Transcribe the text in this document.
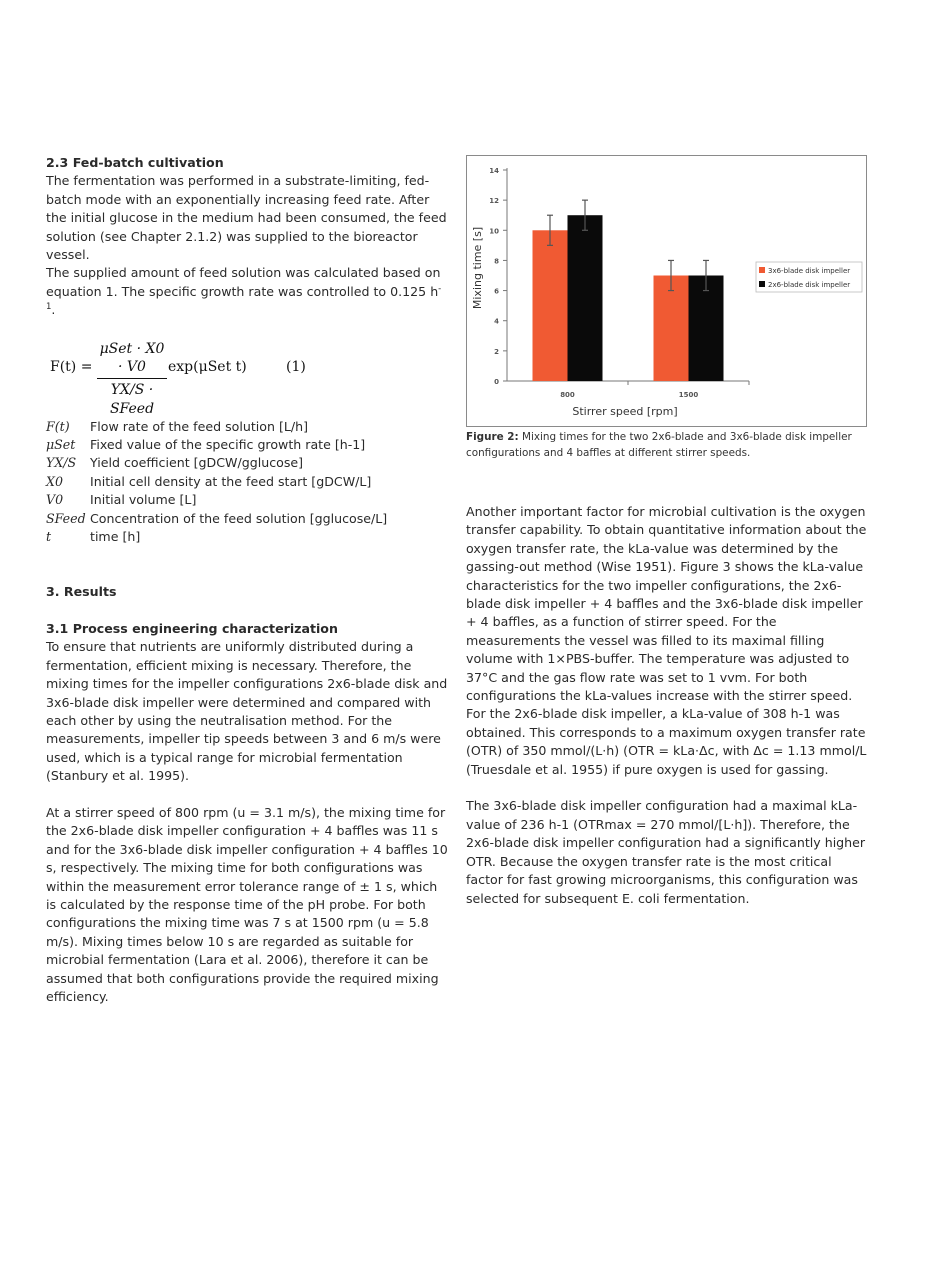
2.3 Fed-batch cultivation

The fermentation was performed in a substrate-limiting, fed-batch mode with an exponentially increasing feed rate. After the initial glucose in the medium had been consumed, the feed solution (see Chapter 2.1.2) was supplied to the bioreactor vessel.

The supplied amount of feed solution was calculated based on equation 1. The specific growth rate was controlled to 0.125 $h^{-1}$.

F(t) =
μSet · X0 · V0
YX/S · SFeed
exp(μSet t)	(1)
F(t)	Flow rate of the feed solution [L/h]
μSet	Fixed value of the specific growth rate [h-1]
YX/S	Yield coefficient [gDCW/gglucose]
X0	Initial cell density at the feed start [gDCW/L]
V0	Initial volume [L]
SFeed Concentration of the feed solution [gglucose/L]
t	time [h]

3. Results

3.1 Process engineering characterization

To ensure that nutrients are uniformly distributed during a fermentation, efficient mixing is necessary. Therefore, the mixing times for the impeller configurations 2x6-blade disk and 3x6-blade disk impeller were determined and compared with each other by using the neutralisation method. For the measurements, impeller tip speeds between 3 and 6 m/s were used, which is a typical range for microbial fermentation (Stanbury et al. 1995).

At a stirrer speed of 800 rpm (u = 3.1 m/s), the mixing time for the 2x6-blade disk impeller configuration + 4 baffles was 11 s and for the 3x6-blade disk impeller configuration + 4 baffles 10 s, respectively. The mixing time for both configurations was within the measurement error tolerance range of ± 1 s, which is calculated by the response time of the pH probe. For both configurations the mixing time was 7 s at 1500 rpm (u = 5.8 m/s). Mixing times below 10 s are regarded as suitable for microbial fermentation (Lara et al. 2006), therefore it can be assumed that both configurations provide the required mixing efficiency.

0
2
4
6
8
10
12
14
800	1500
3x6-blade disk impeller
2x6-blade disk impeller
Stirrer speed [rpm]
Mixing time [s]
Figure 2: Mixing times for the two 2x6-blade and 3x6-blade disk impeller configurations and 4 baffles at different stirrer speeds.

Another important factor for microbial cultivation is the oxygen transfer capability. To obtain quantitative information about the oxygen transfer rate, the kLa-value was determined by the gassing-out method (Wise 1951). Figure 3 shows the kLa-value characteristics for the two impeller configurations, the 2x6-blade disk impeller + 4 baffles and the 3x6-blade disk impeller + 4 baffles, as a function of stirrer speed. For the measurements the vessel was filled to its maximal filling volume with 1×PBS-buffer. The temperature was adjusted to 37°C and the gas flow rate was set to 1 vvm. For both configurations the kLa-values increase with the stirrer speed. For the 2x6-blade disk impeller, a kLa-value of 308 h-1 was obtained. This corresponds to a maximum oxygen transfer rate (OTR) of 350 mmol/(L·h) (OTR = kLa·Δc, with Δc = 1.13 mmol/L (Truesdale et al. 1955) if pure oxygen is used for gassing.

The 3x6-blade disk impeller configuration had a maximal kLa-value of 236 h-1 (OTRmax = 270 mmol/[L·h]). Therefore, the 2x6-blade disk impeller configuration had a significantly higher OTR. Because the oxygen transfer rate is the most critical factor for fast growing microorganisms, this configuration was selected for subsequent E. coli fermentation.
